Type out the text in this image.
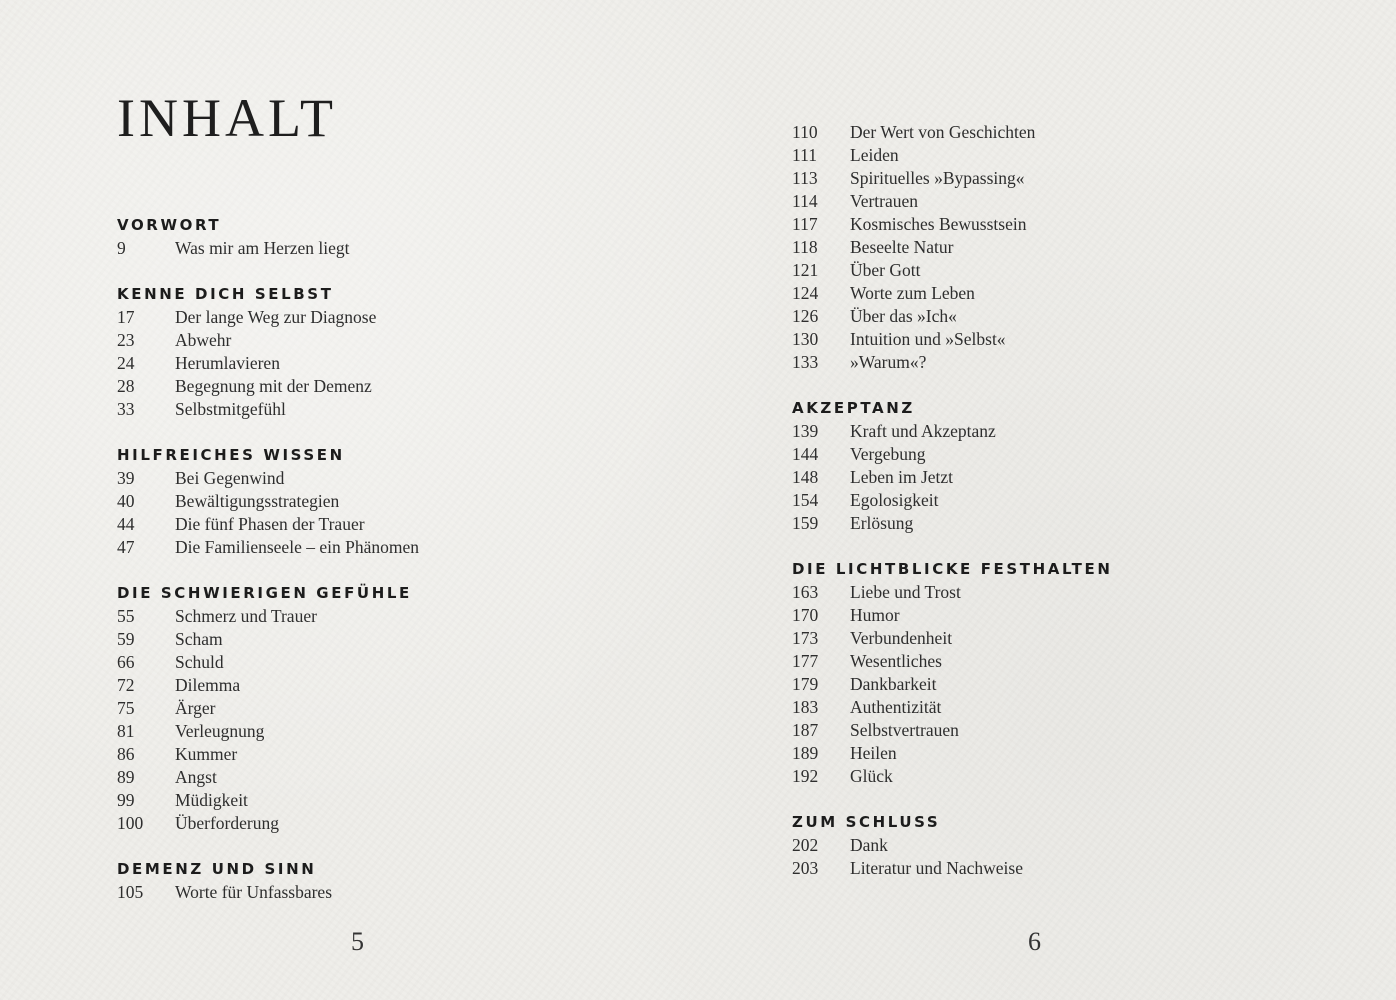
INHALT
VORWORT
9	Was mir am Herzen liegt
KENNE DICH SELBST
17	Der lange Weg zur Diagnose
23	Abwehr
24	Herumlavieren
28	Begegnung mit der Demenz
33	Selbstmitgefühl
HILFREICHES WISSEN
39	Bei Gegenwind
40	Bewältigungsstrategien
44	Die fünf Phasen der Trauer
47	Die Familienseele – ein Phänomen
DIE SCHWIERIGEN GEFÜHLE
55	Schmerz und Trauer
59	Scham
66	Schuld
72	Dilemma
75	Ärger
81	Verleugnung
86	Kummer
89	Angst
99	Müdigkeit
100	Überforderung
DEMENZ UND SINN
105	Worte für Unfassbares
5
110	Der Wert von Geschichten
111	Leiden
113	Spirituelles »Bypassing«
114	Vertrauen
117	Kosmisches Bewusstsein
118	Beseelte Natur
121	Über Gott
124	Worte zum Leben
126	Über das »Ich«
130	Intuition und »Selbst«
133	»Warum«?
AKZEPTANZ
139	Kraft und Akzeptanz
144	Vergebung
148	Leben im Jetzt
154	Egolosigkeit
159	Erlösung
DIE LICHTBLICKE FESTHALTEN
163	Liebe und Trost
170	Humor
173	Verbundenheit
177	Wesentliches
179	Dankbarkeit
183	Authentizität
187	Selbstvertrauen
189	Heilen
192	Glück
ZUM SCHLUSS
202	Dank
203	Literatur und Nachweise
6
